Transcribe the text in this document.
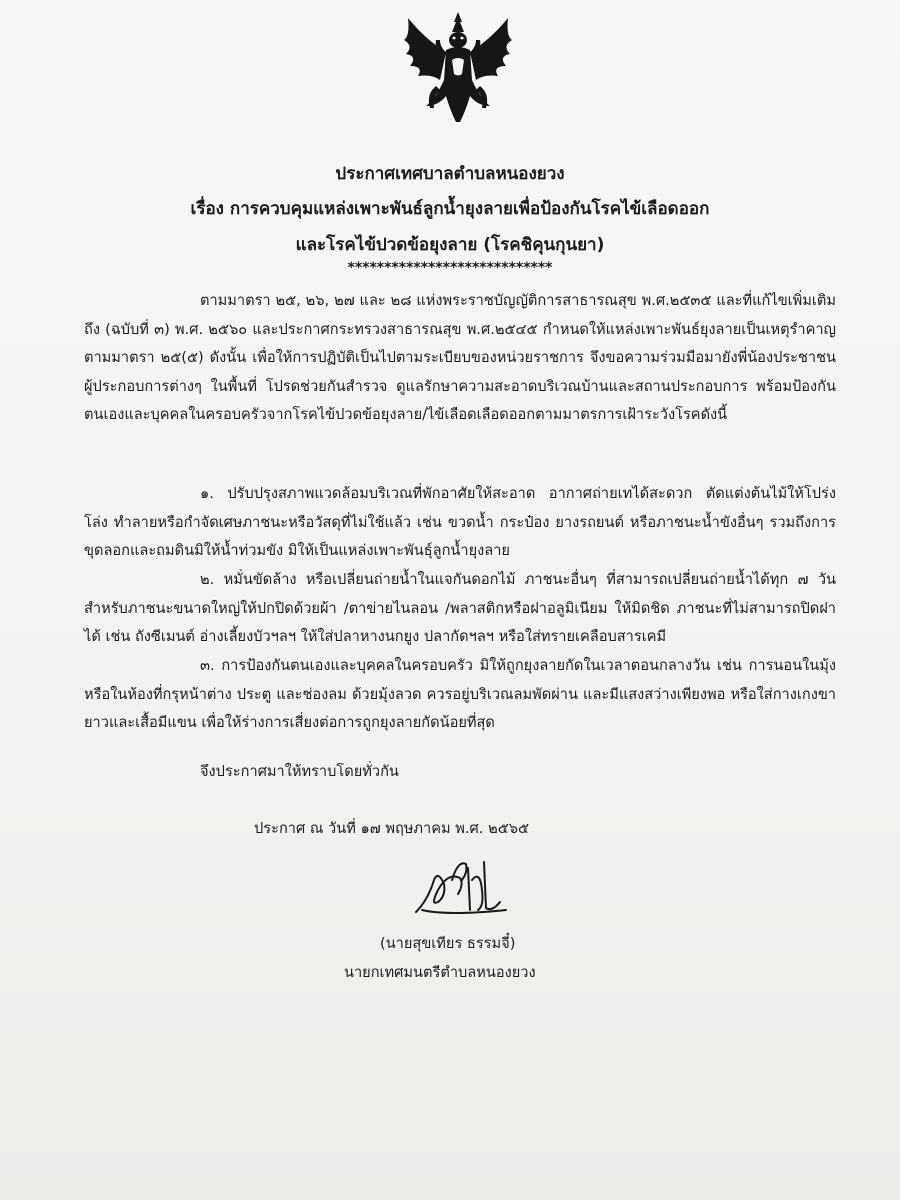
ประกาศเทศบาลตำบลหนองยวง
เรื่อง การควบคุมแหล่งเพาะพันธ์ลูกน้ำยุงลายเพื่อป้องกันโรคไข้เลือดออก
และโรคไข้ปวดข้อยุงลาย (โรคชิคุนกุนยา)
****************************
ตามมาตรา ๒๕, ๒๖, ๒๗ และ ๒๘ แห่งพระราชบัญญัติการสาธารณสุข พ.ศ.๒๕๓๕ และที่แก้ไขเพิ่มเติมถึง (ฉบับที่ ๓) พ.ศ. ๒๕๖๐ และประกาศกระทรวงสาธารณสุข พ.ศ.๒๕๔๕ กำหนดให้แหล่งเพาะพันธ์ยุงลายเป็นเหตุรำคาญตามมาตรา ๒๕(๕) ดังนั้น เพื่อให้การปฏิบัติเป็นไปตามระเบียบของหน่วยราชการ จึงขอความร่วมมือมายังพี่น้องประชาชน ผู้ประกอบการต่างๆ ในพื้นที่ โปรดช่วยกันสำรวจ ดูแลรักษาความสะอาดบริเวณบ้านและสถานประกอบการ พร้อมป้องกันตนเองและบุคคลในครอบครัวจากโรคไข้ปวดข้อยุงลาย/ไข้เลือดเลือดออกตามมาตรการเฝ้าระวังโรคดังนี้
๑. ปรับปรุงสภาพแวดล้อมบริเวณที่พักอาศัยให้สะอาด อากาศถ่ายเทได้สะดวก ตัดแต่งต้นไม้ให้โปร่ง โล่ง ทำลายหรือกำจัดเศษภาชนะหรือวัสดุที่ไม่ใช้แล้ว เช่น ขวดน้ำ กระป๋อง ยางรถยนต์ หรือภาชนะน้ำขังอื่นๆ รวมถึงการขุดลอกและถมดินมิให้น้ำท่วมขัง มิให้เป็นแหล่งเพาะพันธุ์ลูกน้ำยุงลาย
๒. หมั่นขัดล้าง หรือเปลี่ยนถ่ายน้ำในแจกันดอกไม้ ภาชนะอื่นๆ ที่สามารถเปลี่ยนถ่ายน้ำได้ทุก ๗ วัน สำหรับภาชนะขนาดใหญ่ให้ปกปิดด้วยผ้า /ตาข่ายไนลอน /พลาสติกหรือฝาอลูมิเนียม ให้มิดชิด ภาชนะที่ไม่สามารถปิดฝาได้ เช่น ถังซีเมนต์ อ่างเลี้ยงบัวฯลฯ ให้ใส่ปลาหางนกยูง ปลากัดฯลฯ หรือใส่ทรายเคลือบสารเคมี
๓. การป้องกันตนเองและบุคคลในครอบครัว มิให้ถูกยุงลายกัดในเวลาตอนกลางวัน เช่น การนอนในมุ้งหรือในห้องที่กรุหน้าต่าง ประตู และช่องลม ด้วยมุ้งลวด ควรอยู่บริเวณลมพัดผ่าน และมีแสงสว่างเพียงพอ หรือใส่กางเกงขายาวและเสื้อมีแขน เพื่อให้ร่างการเสี่ยงต่อการถูกยุงลายกัดน้อยที่สุด
จึงประกาศมาให้ทราบโดยทั่วกัน
ประกาศ ณ วันที่ ๑๗ พฤษภาคม พ.ศ. ๒๕๖๕
(นายสุขเทียร ธรรมจี๋)
นายกเทศมนตรีตำบลหนองยวง
